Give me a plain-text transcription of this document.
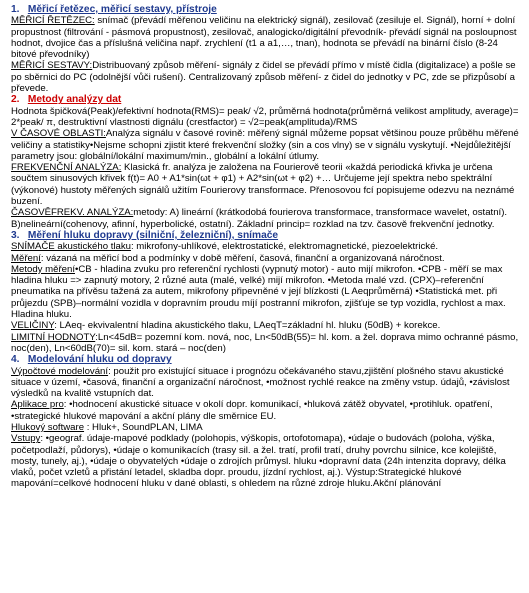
1. Měřicí řetězec, měřicí sestavy, přístroje

MĚŘICÍ ŘETĚZEC: snímač (převádí měřenou veličinu na elektrický signál), zesilovač (zesiluje el. Signál), horní + dolní propustnost (filtrování - pásmová propustnost), zesilovač, analogicko/digitální převodník- převádí signál na posloupnost hodnot, dvojice čas a příslušná veličina např. zrychlení (t1 a a1,…, tnan), hodnota se převádí na binární číslo (8-24 bitové převodníky)

MĚŘICÍ SESTAVY:Distribuovaný způsob měření- signály z čidel se převádí přímo v místě čidla (digitalizace) a pošle se po sběrnici do PC (odolnější vůči rušení). Centralizovaný způsob měření- z čidel do jednotky v PC, zde se přizpůsobí a převede.

2. Metody analýzy dat

Hodnota špičková(Peak)/efektivní hodnota(RMS)= peak/ √2, průměrná hodnota(průměrná velikost amplitudy, average)= 2*peak/ π, destruktivní vlastnosti dignálu (crestfactor) = √2=peak(amplituda)/RMS

V ČASOVÉ OBLASTI:Analýza signálu v časové rovině: měřený signál můžeme popsat většinou pouze průběhu měřené veličiny a statistiky•Nejsme schopni zjistit které frekvenční složky (sin a cos vlny) se v signálu vyskytují. •Nejdůležitější parametry jsou: globální/lokální maximum/min., globální a lokální útlumy.

FREKVENČNÍ ANALÝZA: Klasická fr. analýza je založena na Fourierově teorii «každá periodická křivka je určena součtem sinusových křivek f(t)= A0 + A1*sin(ωt + φ1) + A2*sin(ωt + φ2) +… Určujeme její spektra nebo spektrální (výkonové) hustoty měřených signálů užitím Fourierovy transformace. Přenosovou fcí popisujeme odezvu na neznámé buzení.

ČASOVĚFREKV. ANALÝZA:metody: A) lineární (krátkodobá fourierova transformace, transformace wavelet, ostatní). B)nelineární(cohenovy, afinní, hyperbolické, ostatní). Základní princip= rozklad na tzv. časově frekvenční jednotky.

3. Měření hluku dopravy (silniční, železniční), snímače

SNÍMAČE akustického tlaku: mikrofony-uhlíkové, elektrostatické, elektromagnetické, piezoelektrické.

Měření: vázaná na měřicí bod a podmínky v době měření, časová, finanční a organizovaná náročnost.

Metody měření•CB - hladina zvuku pro referenční rychlosti (vypnutý motor) - auto mijí mikrofon. •CPB - měří se max hladina hluku => zapnutý motory, 2 různé auta (malé, velké) mijí mikrofon. •Metoda malé vzd. (CPX)–referenční pneumatika na přívěsu tažená za autem, mikrofony připevněné v její blízkosti (L Aeqprůměrná) •Statistická met. při průjezdu (SPB)–normální vozidla v dopravním proudu míjí postranní mikrofon, zjišťuje se typ vozidla, rychlost a max. Hladina hluku.

VELIČINY: LAeq- ekvivalentní hladina akustického tlaku, LAeqT=základní hl. hluku (50dB) + korekce.

LIMITNÍ HODNOTY:Ln<45dB= pozemní kom. nová, noc, Ln<50dB(55)= hl. kom. a žel. doprava mimo ochranné pásmo, noc(den), Ln<60dB(70)= sil. kom. stará – noc(den)

4. Modelování hluku od dopravy

Výpočtové modelování: použit pro existující situace i prognózu očekávaného stavu,zjištění plošného stavu akustické situace v území, •časová, finanční a organizační náročnost, •možnost rychlé reakce na změny vstup. údajů, •závislost výsledků na kvalitě vstupních dat.

Aplikace pro: •hodnocení akustické situace v okolí dopr. komunikací, •hluková zátěž obyvatel, •protihluk. opatření, •strategické hlukové mapování a akční plány dle směrnice EU.

Hlukový software : Hluk+, SoundPLAN, LIMA

Vstupy: •geograf. údaje-mapové podklady (polohopis, výškopis, ortofotomapa), •údaje o budovách (poloha, výška, početpodlaží, půdorys), •údaje o komunikacích (trasy sil. a žel. tratí, profil tratí, druhy povrchu silnice, kce kolejiště, mosty, tunely, aj.), •údaje o obyvatelých •údaje o zdrojích průmysl. hluku •dopravní data (24h intenzita dopravy, délka vlaků, počet vzletů a přistání letadel, skladba dopr. proudu, jízdní rychlost, aj.). Výstup:Strategické hlukové mapování=celkové hodnocení hluku v dané oblasti, s ohledem na různé zdroje hluku.Akční plánování
